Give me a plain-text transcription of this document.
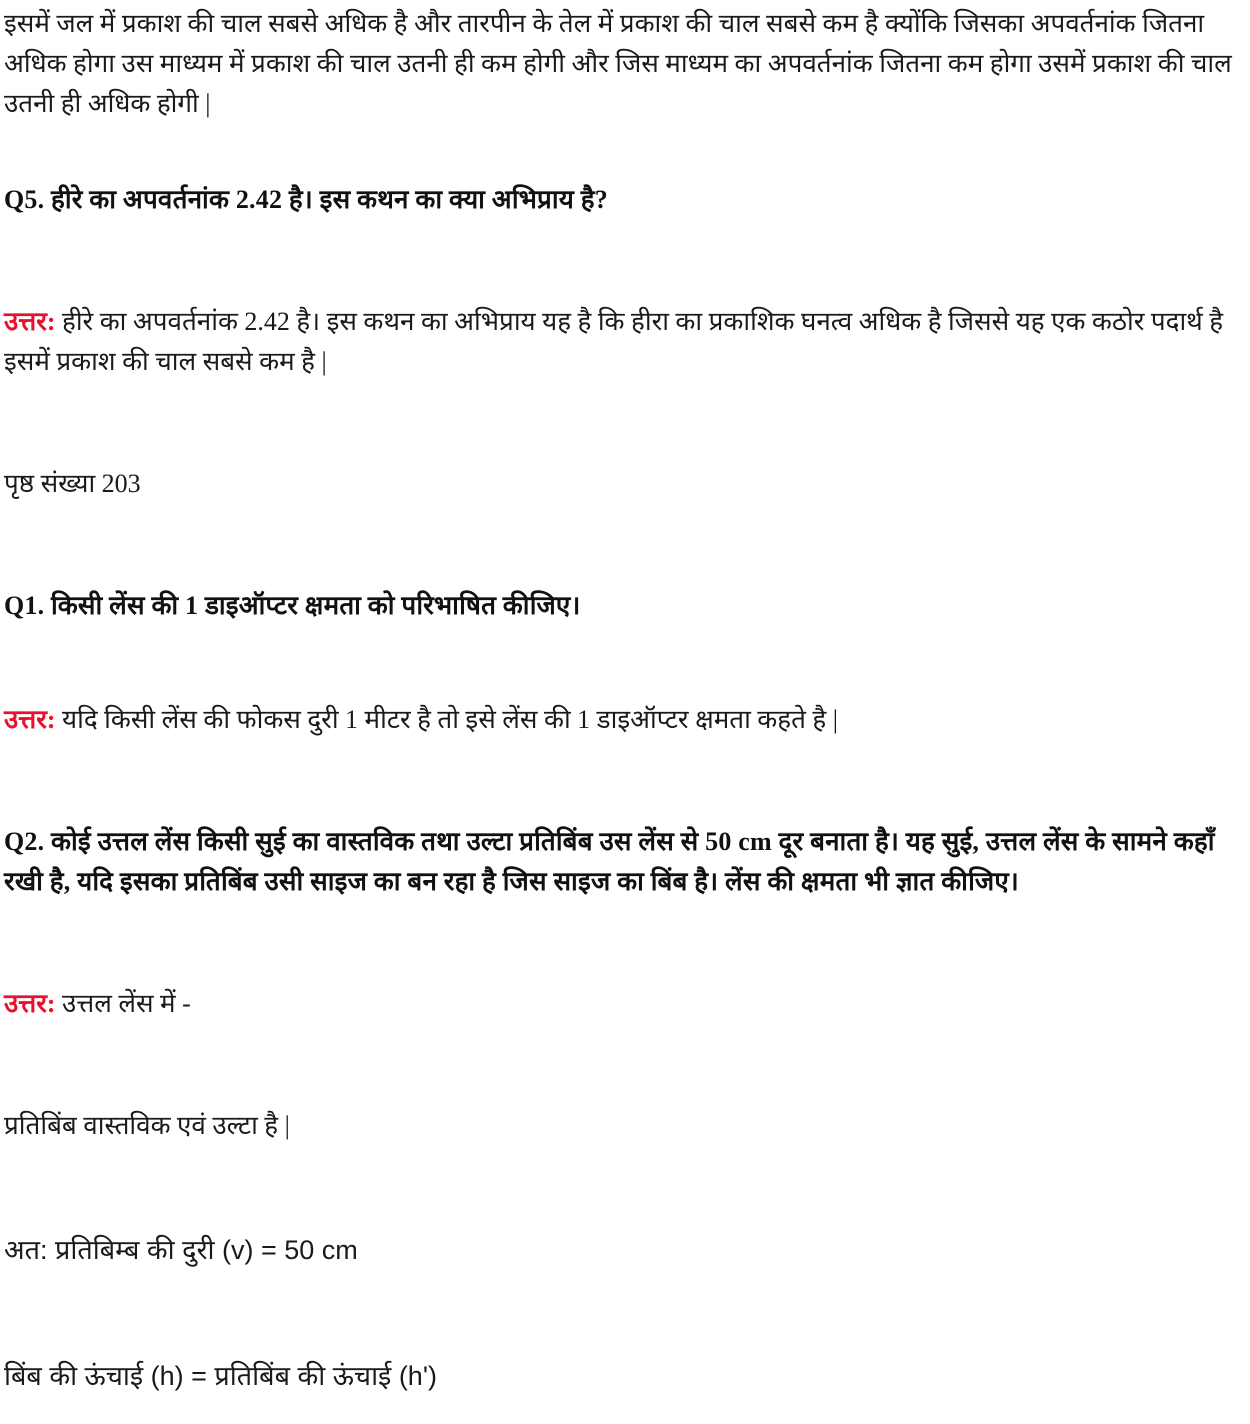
इसमें जल में प्रकाश की चाल सबसे अधिक है और तारपीन के तेल में प्रकाश की चाल सबसे कम है क्योंकि जिसका अपवर्तनांक जितना अधिक होगा उस माध्यम में प्रकाश की चाल उतनी ही कम होगी और जिस माध्यम का अपवर्तनांक जितना कम होगा उसमें प्रकाश की चाल उतनी ही अधिक होगी |

Q5. हीरे का अपवर्तनांक 2.42 है। इस कथन का क्या अभिप्राय है?

उत्तर: हीरे का अपवर्तनांक 2.42 है। इस कथन का अभिप्राय यह है कि हीरा का प्रकाशिक घनत्व अधिक है जिससे यह एक कठोर पदार्थ है इसमें प्रकाश की चाल सबसे कम है |

पृष्ठ संख्या 203

Q1. किसी लेंस की 1 डाइऑप्टर क्षमता को परिभाषित कीजिए।

उत्तर: यदि किसी लेंस की फोकस दुरी 1 मीटर है तो इसे लेंस की 1 डाइऑप्टर क्षमता कहते है |

Q2. कोई उत्तल लेंस किसी सुई का वास्तविक तथा उल्टा प्रतिबिंब उस लेंस से 50 cm दूर बनाता है। यह सुई, उत्तल लेंस के सामने कहाँ रखी है, यदि इसका प्रतिबिंब उसी साइज का बन रहा है जिस साइज का बिंब है। लेंस की क्षमता भी ज्ञात कीजिए।

उत्तर: उत्तल लेंस में -

प्रतिबिंब वास्तविक एवं उल्टा है |

अत: प्रतिबिम्ब की दुरी (v) = 50 cm

बिंब की ऊंचाई (h) = प्रतिबिंब की ऊंचाई (h')
